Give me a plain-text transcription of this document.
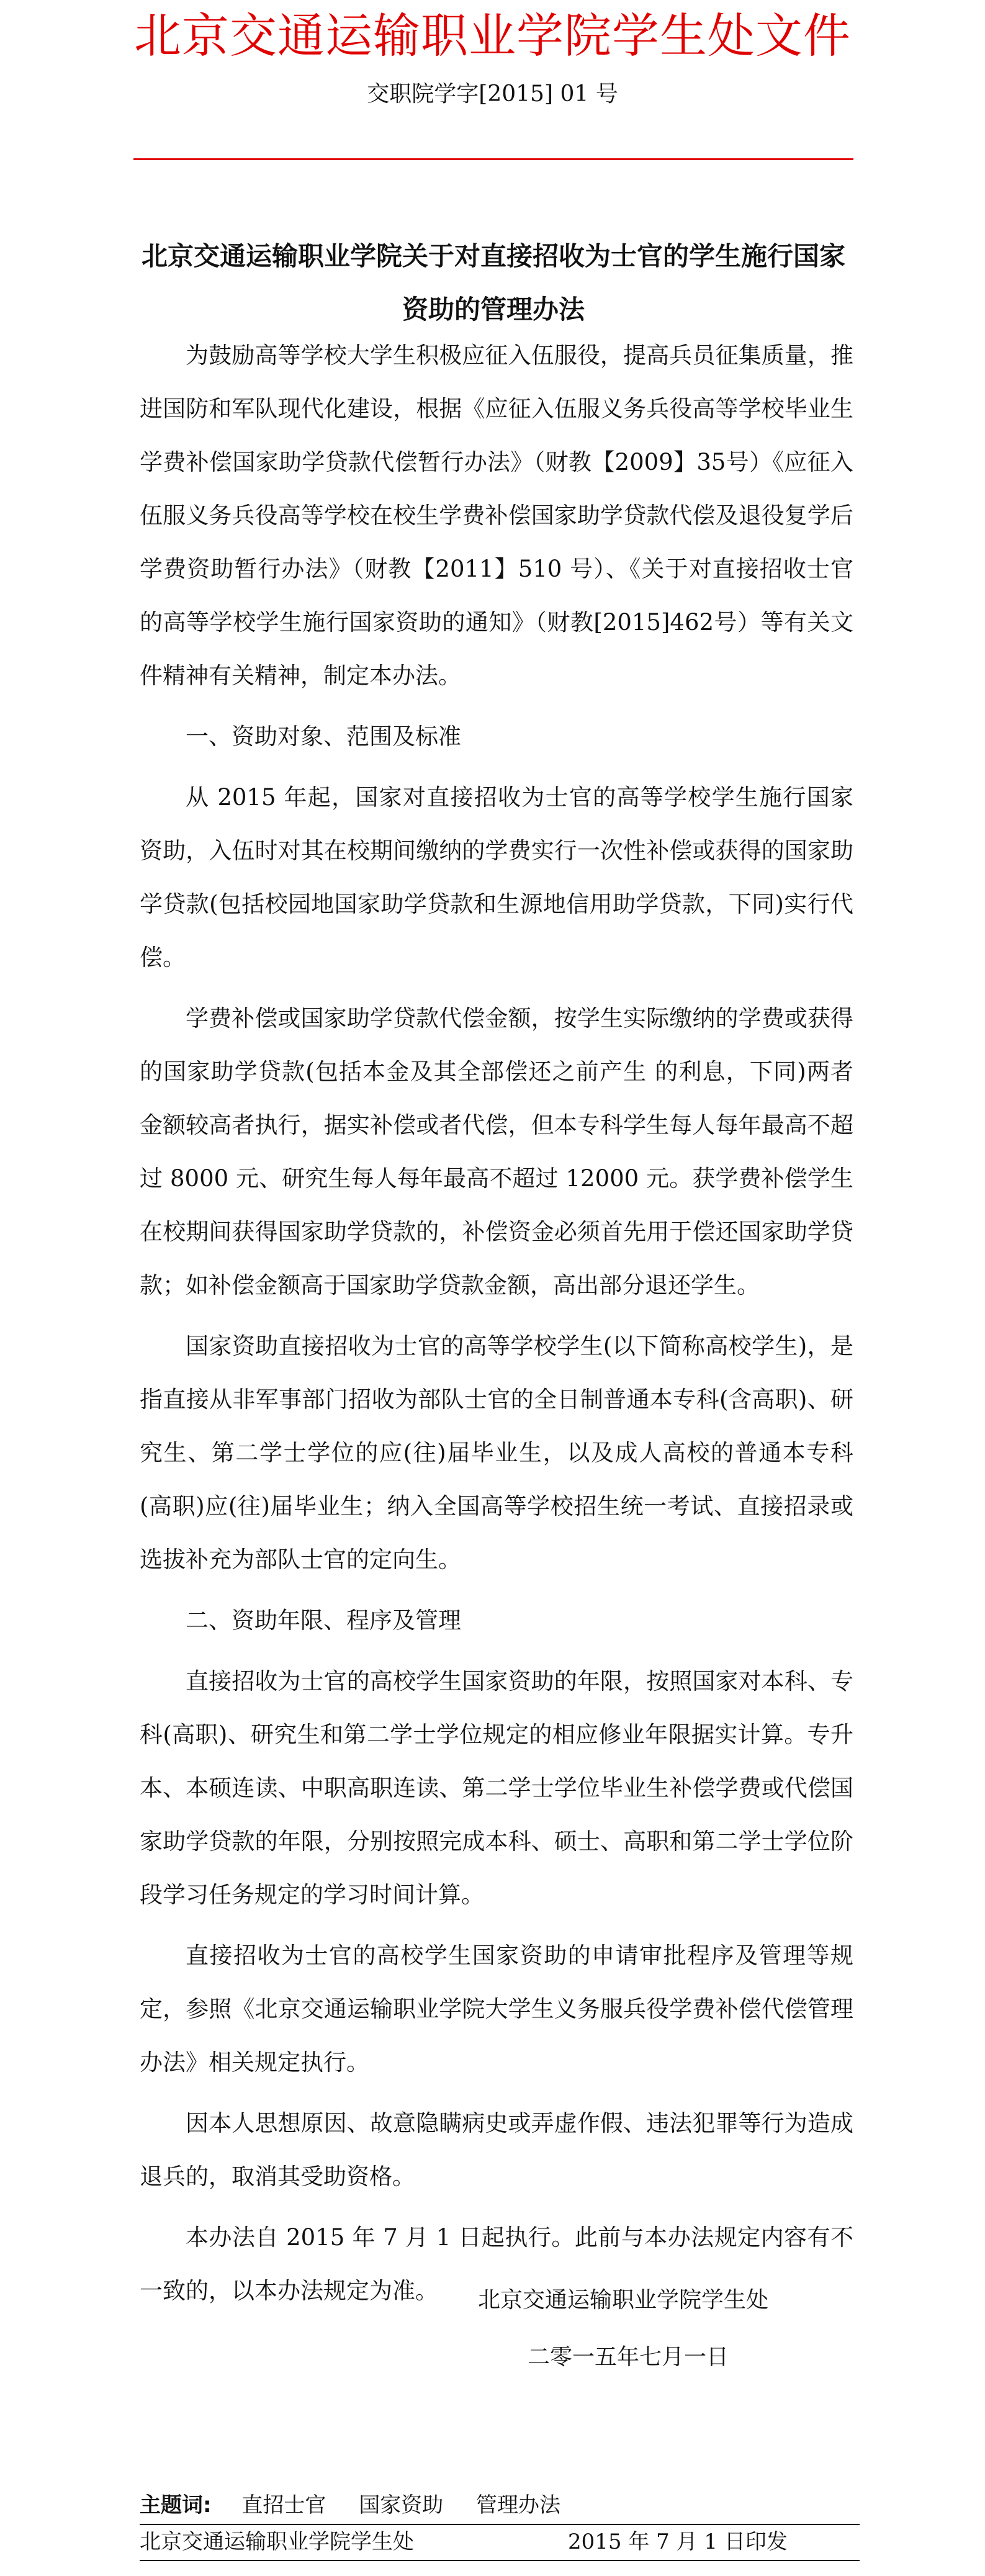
北京交通运输职业学院学生处文件
交职院学字[2015] 01 号
北京交通运输职业学院关于对直接招收为士官的学生施行国家资助的管理办法

为鼓励高等学校大学生积极应征入伍服役，提高兵员征集质量，推进国防和军队现代化建设，根据《应征入伍服义务兵役高等学校毕业生学费补偿国家助学贷款代偿暂行办法》（财教【2009】35号）《应征入伍服义务兵役高等学校在校生学费补偿国家助学贷款代偿及退役复学后学费资助暂行办法》（财教【2011】510 号）、《关于对直接招收士官的高等学校学生施行国家资助的通知》（财教[2015]462号）等有关文件精神有关精神，制定本办法。

一、资助对象、范围及标准

从 2015 年起，国家对直接招收为士官的高等学校学生施行国家资助，入伍时对其在校期间缴纳的学费实行一次性补偿或获得的国家助学贷款(包括校园地国家助学贷款和生源地信用助学贷款，下同)实行代偿。

学费补偿或国家助学贷款代偿金额，按学生实际缴纳的学费或获得的国家助学贷款(包括本金及其全部偿还之前产生 的利息，下同)两者金额较高者执行，据实补偿或者代偿，但本专科学生每人每年最高不超过 8000 元、研究生每人每年最高不超过 12000 元。获学费补偿学生在校期间获得国家助学贷款的，补偿资金必须首先用于偿还国家助学贷款；如补偿金额高于国家助学贷款金额，高出部分退还学生。

国家资助直接招收为士官的高等学校学生(以下简称高校学生)，是指直接从非军事部门招收为部队士官的全日制普通本专科(含高职)、研究生、第二学士学位的应(往)届毕业生，以及成人高校的普通本专科(高职)应(往)届毕业生；纳入全国高等学校招生统一考试、直接招录或选拔补充为部队士官的定向生。

二、资助年限、程序及管理

直接招收为士官的高校学生国家资助的年限，按照国家对本科、专科(高职)、研究生和第二学士学位规定的相应修业年限据实计算。专升本、本硕连读、中职高职连读、第二学士学位毕业生补偿学费或代偿国家助学贷款的年限，分别按照完成本科、硕士、高职和第二学士学位阶 段学习任务规定的学习时间计算。

直接招收为士官的高校学生国家资助的申请审批程序及管理等规定，参照《北京交通运输职业学院大学生义务服兵役学费补偿代偿管理办法》相关规定执行。

因本人思想原因、故意隐瞒病史或弄虚作假、违法犯罪等行为造成退兵的，取消其受助资格。

本办法自 2015 年 7 月 1 日起执行。此前与本办法规定内容有不一致的，以本办法规定为准。	北京交通运输职业学院学生处
二零一五年七月一日
主题词: 直招士官 国家资助 管理办法
北京交通运输职业学院学生处	2015 年 7 月 1 日印发
